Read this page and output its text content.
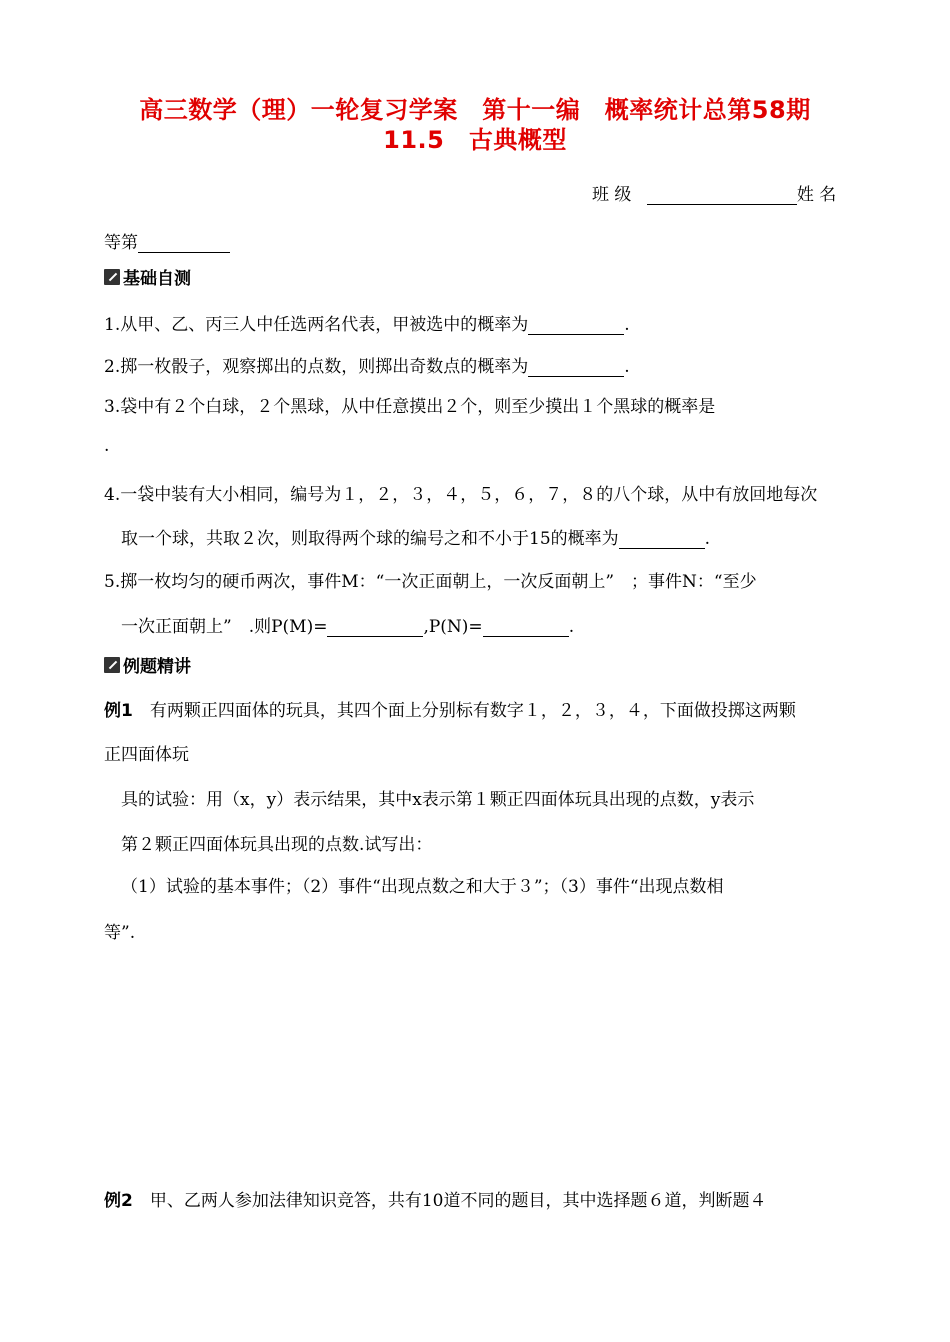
高三数学（理）一轮复习学案　第十一编　概率统计总第58期
11.5　古典概型
班 级	姓 名
等第
基础自测
1.从甲、乙、丙三人中任选两名代表，甲被选中的概率为	.
2.掷一枚骰子，观察掷出的点数，则掷出奇数点的概率为	.
3.袋中有２个白球，２个黑球，从中任意摸出２个，则至少摸出１个黑球的概率是
.
4.一袋中装有大小相同，编号为１，２，３，４，５，６，７，８的八个球，从中有放回地每次
取一个球，共取２次，则取得两个球的编号之和不小于15的概率为	.
5.掷一枚均匀的硬币两次，事件M：“一次正面朝上，一次反面朝上”　；事件N：“至少
一次正面朝上”　.则P(M)=	,P(N)=	.
例题精讲
例1　有两颗正四面体的玩具，其四个面上分别标有数字１，２，３，４，下面做投掷这两颗
正四面体玩
具的试验：用（x，y）表示结果，其中x表示第１颗正四面体玩具出现的点数，y表示
第２颗正四面体玩具出现的点数.试写出：
（1）试验的基本事件；（2）事件“出现点数之和大于３”；（3）事件“出现点数相
等”.
例2　甲、乙两人参加法律知识竞答，共有10道不同的题目，其中选择题６道，判断题４
